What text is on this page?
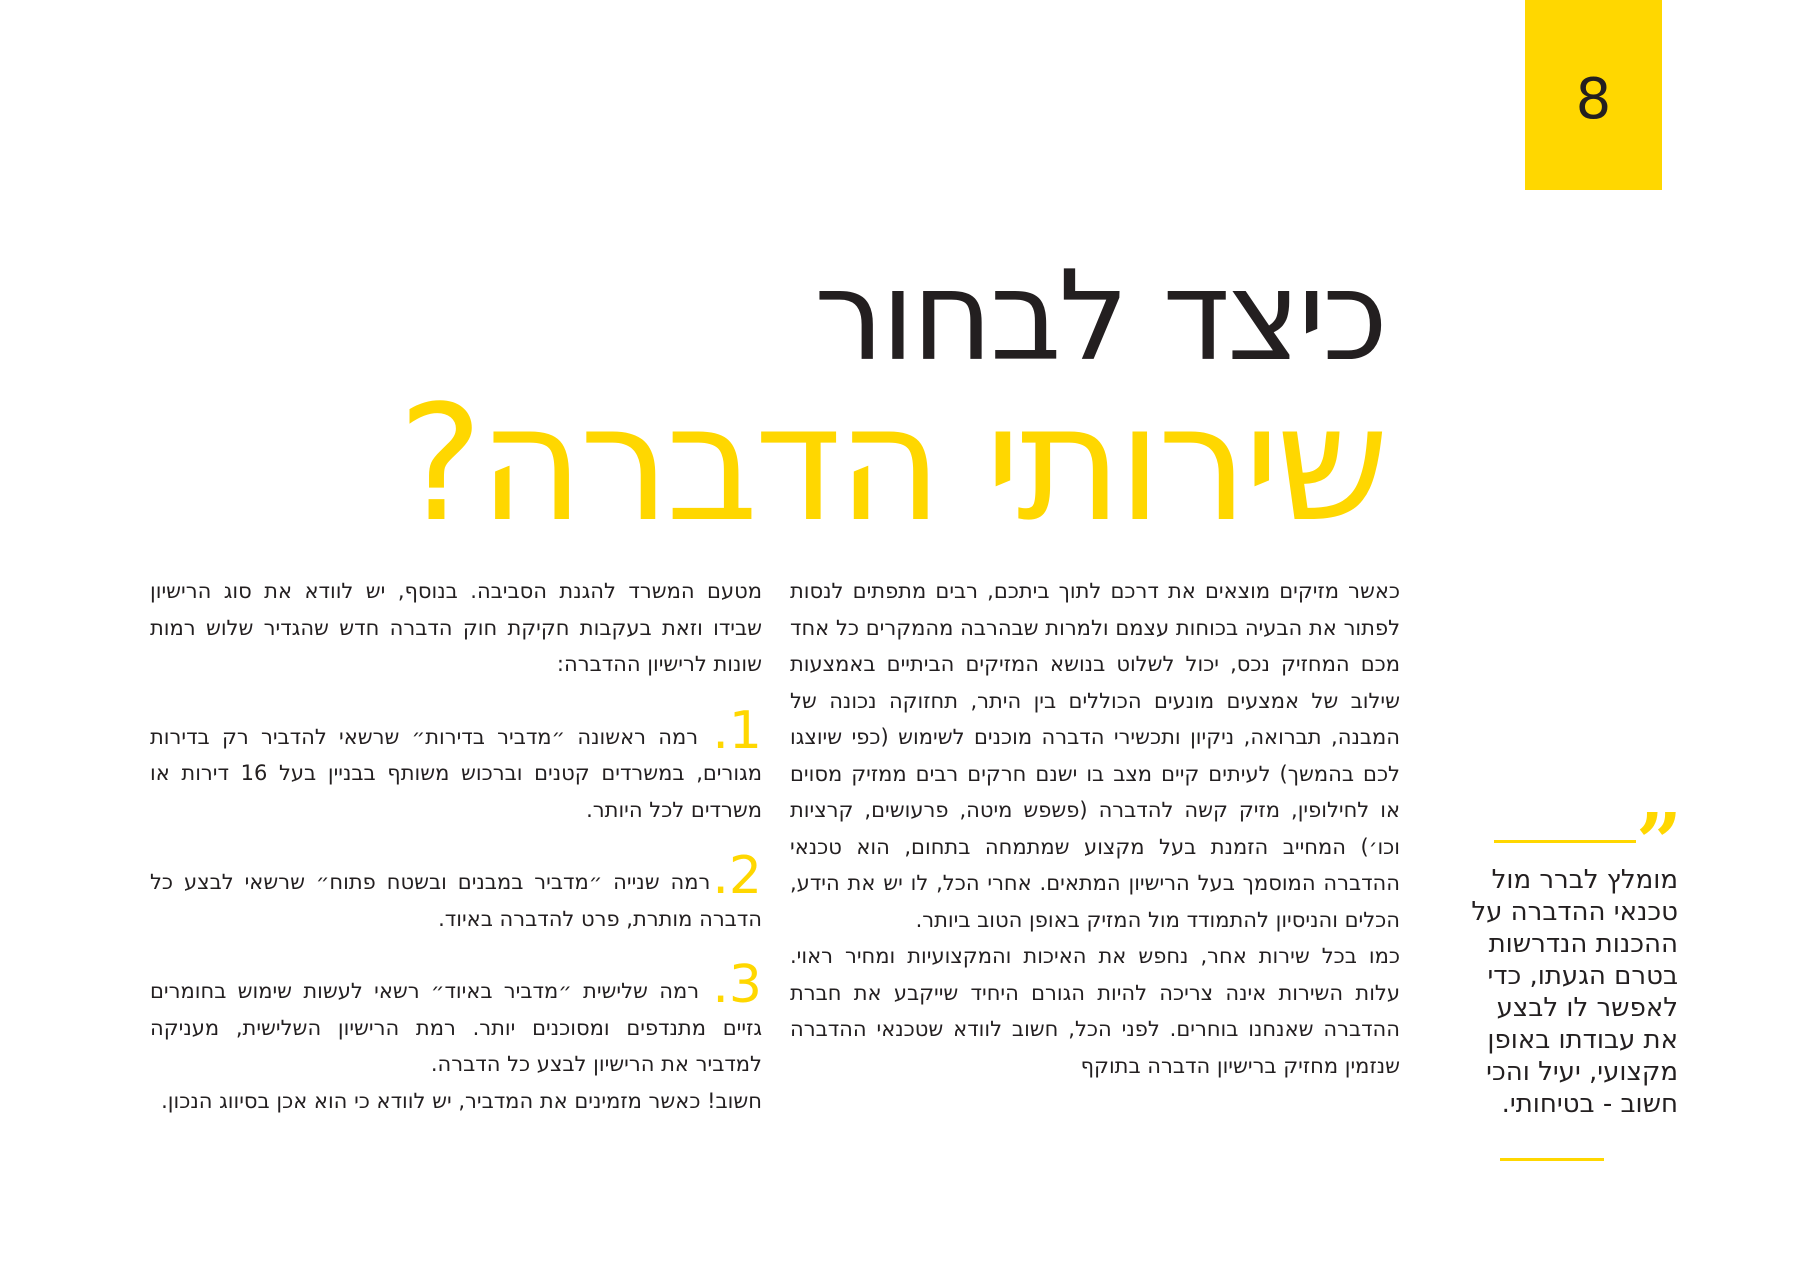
8
כיצד לבחור
שירותי הדברה?

כאשר מזיקים מוצאים את דרכם לתוך ביתכם, רבים מתפתים לנסות לפתור את הבעיה בכוחות עצמם ולמרות שבהרבה מהמקרים כל אחד מכם המחזיק נכס, יכול לשלוט בנושא המזיקים הביתיים באמצעות שילוב של אמצעים מונעים הכוללים בין היתר, תחזוקה נכונה של המבנה, תברואה, ניקיון ותכשירי הדברה מוכנים לשימוש (כפי שיוצגו לכם בהמשך) לעיתים קיים מצב בו ישנם חרקים רבים ממזיק מסוים או לחילופין, מזיק קשה להדברה (פשפש מיטה, פרעושים, קרציות וכו׳) המחייב הזמנת בעל מקצוע שמתמחה בתחום, הוא טכנאי ההדברה המוסמך בעל הרישיון המתאים. אחרי הכל, לו יש את הידע, הכלים והניסיון להתמודד מול המזיק באופן הטוב ביותר.

כמו בכל שירות אחר, נחפש את האיכות והמקצועיות ומחיר ראוי. עלות השירות אינה צריכה להיות הגורם היחיד שייקבע את חברת ההדברה שאנחנו בוחרים. לפני הכל, חשוב לוודא שטכנאי ההדברה שנזמין מחזיק ברישיון הדברה בתוקף

מטעם המשרד להגנת הסביבה. בנוסף, יש לוודא את סוג הרישיון שבידו וזאת בעקבות חקיקת חוק הדברה חדש שהגדיר שלוש רמות שונות לרישיון ההדברה:

1. רמה ראשונה ״מדביר בדירות״ שרשאי להדביר רק בדירות מגורים, במשרדים קטנים וברכוש משותף בבניין בעל 16 דירות או משרדים לכל היותר.

2.רמה שנייה ״מדביר במבנים ובשטח פתוח״ שרשאי לבצע כל הדברה מותרת, פרט להדברה באיוד.

3. רמה שלישית ״מדביר באיוד״ רשאי לעשות שימוש בחומרים גזיים מתנדפים ומסוכנים יותר. רמת הרישיון השלישית, מעניקה למדביר את הרישיון לבצע כל הדברה.

חשוב! כאשר מזמינים את המדביר, יש לוודא כי הוא אכן בסיווג הנכון.

”

מומלץ לברר מול טכנאי ההדברה על ההכנות הנדרשות בטרם הגעתו, כדי לאפשר לו לבצע את עבודתו באופן מקצועי, יעיל והכי חשוב - בטיחותי.
